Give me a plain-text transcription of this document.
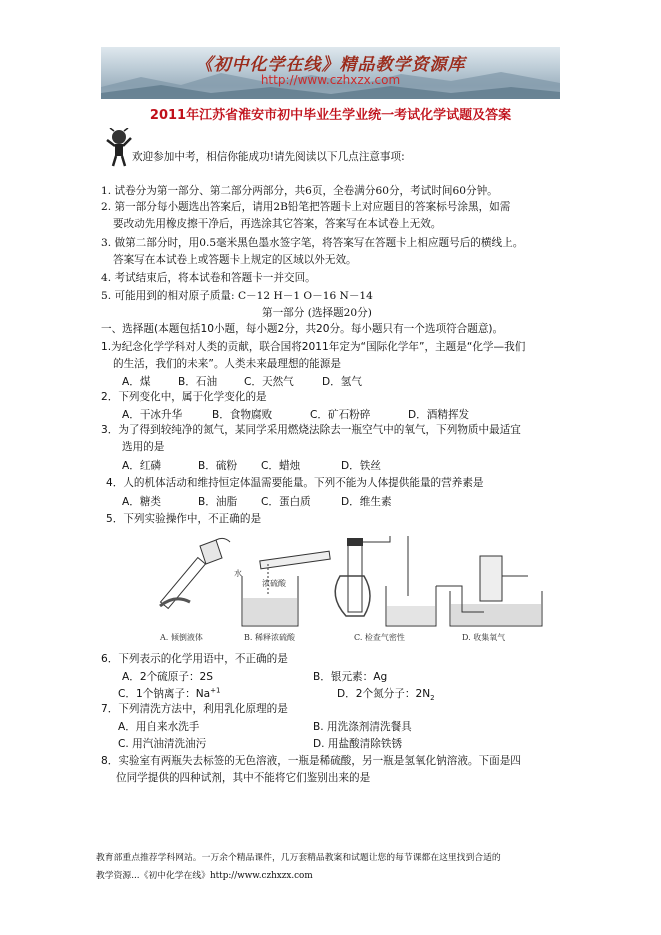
《初中化学在线》精品教学资源库
http://www.czhxzx.com
2011年江苏省淮安市初中毕业生学业统一考试化学试题及答案
欢迎参加中考，相信你能成功!请先阅读以下几点注意事项:
1. 试卷分为第一部分、第二部分两部分，共6页，全卷满分60分，考试时间60分钟。
2. 第一部分每小题选出答案后，请用2B铅笔把答题卡上对应题目的答案标号涂黑，如需
要改动先用橡皮擦干净后，再选涂其它答案，答案写在本试卷上无效。
3. 做第二部分时，用0.5毫米黑色墨水签字笔，将答案写在答题卡上相应题号后的横线上。
答案写在本试卷上或答题卡上规定的区域以外无效。
4. 考试结束后，将本试卷和答题卡一并交回。
5. 可能用到的相对原子质量: C－12 H－1 O－16 N－14
第一部分 (选择题20分)
一、选择题(本题包括10小题，每小题2分，共20分。每小题只有一个选项符合题意)。
1.为纪念化学学科对人类的贡献，联合国将2011年定为“国际化学年”，主题是“化学—我们
的生活，我们的未来”。人类未来最理想的能源是
A．煤	B．石油	C．天然气	D．氢气
2．下列变化中，属于化学变化的是
A．干冰升华	B．食物腐败	C．矿石粉碎	D．酒精挥发
3．为了得到较纯净的氮气，某同学采用燃烧法除去一瓶空气中的氧气，下列物质中最适宜
选用的是
A．红磷	B．硫粉 C．蜡烛	D．铁丝
4．人的机体活动和维持恒定体温需要能量。下列不能为人体提供能量的营养素是
A．糖类	B．油脂 C．蛋白质	D．维生素
5．下列实验操作中，不正确的是
水
浓硫酸
A. 倾倒液体	B. 稀释浓硫酸	C. 检查气密性	D. 收集氧气
6．下列表示的化学用语中，不正确的是
A．2个硫原子：2S	B．银元素：Ag
C．1个钠离子：$Na^{+1}$	D．2个氮分子：$2N_2$
7．下列清洗方法中，利用乳化原理的是
A．用自来水洗手	B. 用洗涤剂清洗餐具
C. 用汽油清洗油污	D. 用盐酸清除铁锈
8．实验室有两瓶失去标签的无色溶液，一瓶是稀硫酸，另一瓶是氢氧化钠溶液。下面是四
位同学提供的四种试剂，其中不能将它们鉴别出来的是
教育部重点推荐学科网站。一万余个精品课件，几万套精品教案和试题让您的每节课都在这里找到合适的
教学资源...《初中化学在线》http://www.czhxzx.com
